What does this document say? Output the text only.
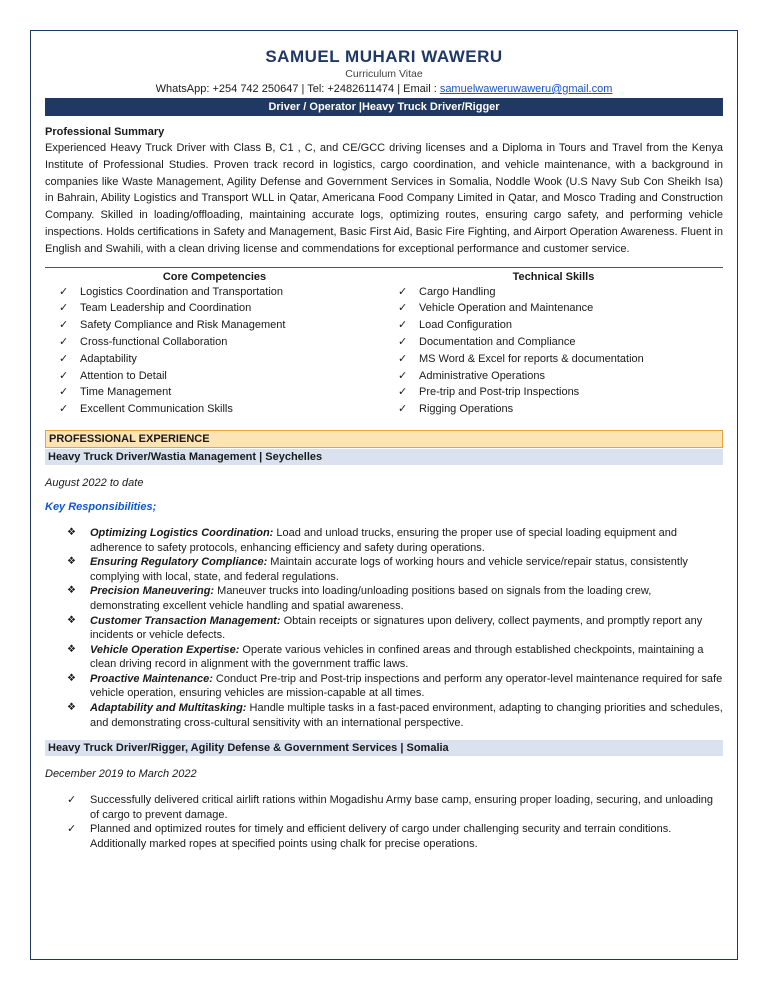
SAMUEL MUHARI WAWERU
Curriculum Vitae
WhatsApp: +254 742 250647 | Tel: +2482611474 | Email : samuelwaweruwaweru@gmail.com
Driver / Operator |Heavy Truck Driver/Rigger
Professional Summary
Experienced Heavy Truck Driver with Class B, C1 , C, and CE/GCC driving licenses and a Diploma in Tours and Travel from the Kenya Institute of Professional Studies. Proven track record in logistics, cargo coordination, and vehicle maintenance, with a background in companies like Waste Management, Agility Defense and Government Services in Somalia, Noddle Wook (U.S Navy Sub Con Sheikh Isa) in Bahrain, Ability Logistics and Transport WLL in Qatar, Americana Food Company Limited in Qatar, and Mosco Trading and Construction Company. Skilled in loading/offloading, maintaining accurate logs, optimizing routes, ensuring cargo safety, and performing vehicle inspections. Holds certifications in Safety and Management, Basic First Aid, Basic Fire Fighting, and Airport Operation Awareness. Fluent in English and Swahili, with a clean driving license and commendations for exceptional performance and customer service.
Core Competencies
✓ Logistics Coordination and Transportation
✓ Team Leadership and Coordination
✓ Safety Compliance and Risk Management
✓ Cross-functional Collaboration
✓ Adaptability
✓ Attention to Detail
✓ Time Management
✓ Excellent Communication Skills
Technical Skills
✓ Cargo Handling
✓ Vehicle Operation and Maintenance
✓ Load Configuration
✓ Documentation and Compliance
✓ MS Word & Excel for reports & documentation
✓ Administrative Operations
✓ Pre-trip and Post-trip Inspections
✓ Rigging Operations
PROFESSIONAL EXPERIENCE
Heavy Truck Driver/Wastia Management | Seychelles
August 2022 to date
Key Responsibilities;
❖ Optimizing Logistics Coordination: Load and unload trucks, ensuring the proper use of special loading equipment and adherence to safety protocols, enhancing efficiency and safety during operations.
❖ Ensuring Regulatory Compliance: Maintain accurate logs of working hours and vehicle service/repair status, consistently complying with local, state, and federal regulations.
❖ Precision Maneuvering: Maneuver trucks into loading/unloading positions based on signals from the loading crew, demonstrating excellent vehicle handling and spatial awareness.
❖ Customer Transaction Management: Obtain receipts or signatures upon delivery, collect payments, and promptly report any incidents or vehicle defects.
❖ Vehicle Operation Expertise: Operate various vehicles in confined areas and through established checkpoints, maintaining a clean driving record in alignment with the government traffic laws.
❖ Proactive Maintenance: Conduct Pre-trip and Post-trip inspections and perform any operator-level maintenance required for safe vehicle operation, ensuring vehicles are mission-capable at all times.
❖ Adaptability and Multitasking: Handle multiple tasks in a fast-paced environment, adapting to changing priorities and schedules, and demonstrating cross-cultural sensitivity with an international perspective.
Heavy Truck Driver/Rigger, Agility Defense & Government Services | Somalia
December 2019 to March 2022
✓ Successfully delivered critical airlift rations within Mogadishu Army base camp, ensuring proper loading, securing, and unloading of cargo to prevent damage.
✓ Planned and optimized routes for timely and efficient delivery of cargo under challenging security and terrain conditions. Additionally marked ropes at specified points using chalk for precise operations.
